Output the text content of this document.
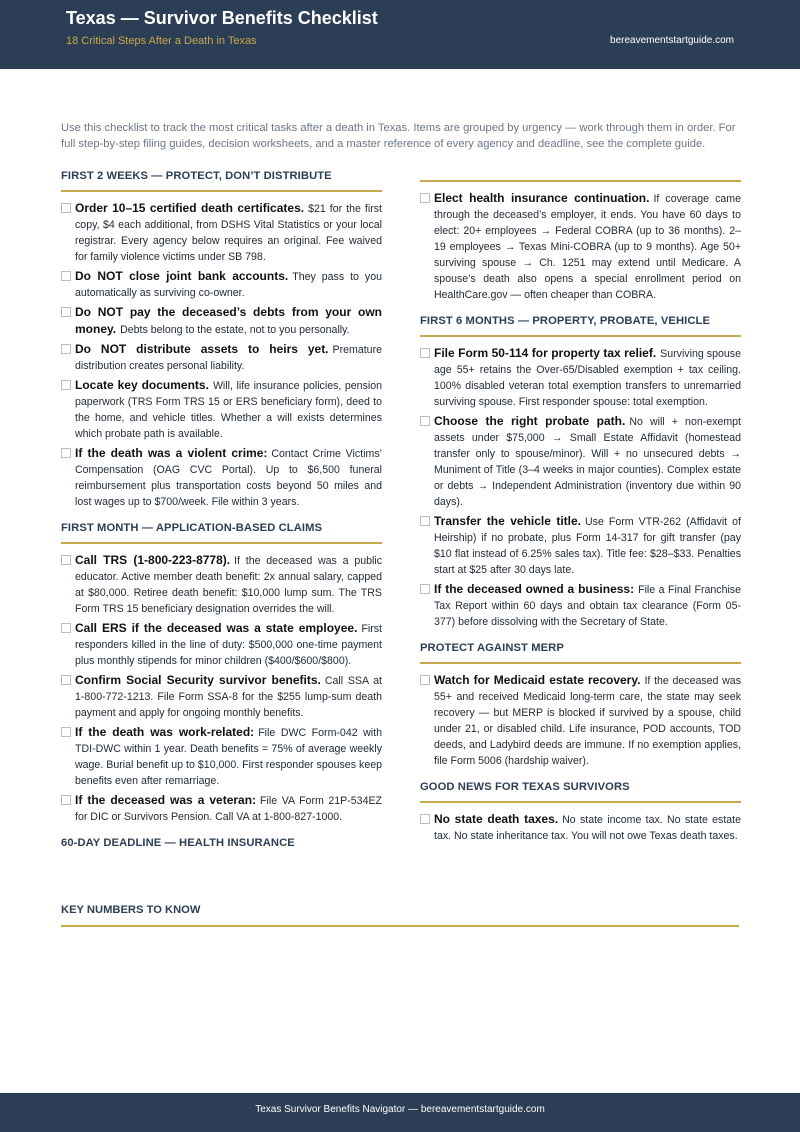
Texas — Survivor Benefits Checklist
18 Critical Steps After a Death in Texas	bereavementstartguide.com
Use this checklist to track the most critical tasks after a death in Texas. Items are grouped by urgency — work through them in order. For full step-by-step filing guides, decision worksheets, and a master reference of every agency and deadline, see the complete guide.
FIRST 2 WEEKS — PROTECT, DON’T DISTRIBUTE
Order 10–15 certified death certificates. $21 for the first copy, $4 each additional, from DSHS Vital Statistics or your local registrar. Every agency below requires an original. Fee waived for family violence victims under SB 798.
Do NOT close joint bank accounts. They pass to you automatically as surviving co-owner.
Do NOT pay the deceased’s debts from your own money. Debts belong to the estate, not to you personally.
Do NOT distribute assets to heirs yet. Premature distribution creates personal liability.
Locate key documents. Will, life insurance policies, pension paperwork (TRS Form TRS 15 or ERS beneficiary form), deed to the home, and vehicle titles. Whether a will exists determines which probate path is available.
If the death was a violent crime: Contact Crime Victims’ Compensation (OAG CVC Portal). Up to $6,500 funeral reimbursement plus transportation costs beyond 50 miles and lost wages up to $700/week. File within 3 years.
FIRST MONTH — APPLICATION-BASED CLAIMS
Call TRS (1-800-223-8778). If the deceased was a public educator. Active member death benefit: 2x annual salary, capped at $80,000. Retiree death benefit: $10,000 lump sum. The TRS Form TRS 15 beneficiary designation overrides the will.
Call ERS if the deceased was a state employee. First responders killed in the line of duty: $500,000 one-time payment plus monthly stipends for minor children ($400/$600/$800).
Confirm Social Security survivor benefits. Call SSA at 1-800-772-1213. File Form SSA-8 for the $255 lump-sum death payment and apply for ongoing monthly benefits.
If the death was work-related: File DWC Form-042 with TDI-DWC within 1 year. Death benefits = 75% of average weekly wage. Burial benefit up to $10,000. First responder spouses keep benefits even after remarriage.
If the deceased was a veteran: File VA Form 21P-534EZ for DIC or Survivors Pension. Call VA at 1-800-827-1000.
60-DAY DEADLINE — HEALTH INSURANCE
Elect health insurance continuation. If coverage came through the deceased’s employer, it ends. You have 60 days to elect: 20+ employees → Federal COBRA (up to 36 months). 2–19 employees → Texas Mini-COBRA (up to 9 months). Age 50+ surviving spouse → Ch. 1251 may extend until Medicare. A spouse’s death also opens a special enrollment period on HealthCare.gov — often cheaper than COBRA.
FIRST 6 MONTHS — PROPERTY, PROBATE, VEHICLE
File Form 50-114 for property tax relief. Surviving spouse age 55+ retains the Over-65/Disabled exemption + tax ceiling. 100% disabled veteran total exemption transfers to unremarried surviving spouse. First responder spouse: total exemption.
Choose the right probate path. No will + non-exempt assets under $75,000 → Small Estate Affidavit (homestead transfer only to spouse/minor). Will + no unsecured debts → Muniment of Title (3–4 weeks in major counties). Complex estate or debts → Independent Administration (inventory due within 90 days).
Transfer the vehicle title. Use Form VTR-262 (Affidavit of Heirship) if no probate, plus Form 14-317 for gift transfer (pay $10 flat instead of 6.25% sales tax). Title fee: $28–$33. Penalties start at $25 after 30 days late.
If the deceased owned a business: File a Final Franchise Tax Report within 60 days and obtain tax clearance (Form 05-377) before dissolving with the Secretary of State.
PROTECT AGAINST MERP
Watch for Medicaid estate recovery. If the deceased was 55+ and received Medicaid long-term care, the state may seek recovery — but MERP is blocked if survived by a spouse, child under 21, or disabled child. Life insurance, POD accounts, TOD deeds, and Ladybird deeds are immune. If no exemption applies, file Form 5006 (hardship waiver).
GOOD NEWS FOR TEXAS SURVIVORS
No state death taxes. No state income tax. No state estate tax. No state inheritance tax. You will not owe Texas death taxes.
KEY NUMBERS TO KNOW
Texas Survivor Benefits Navigator — bereavementstartguide.com
